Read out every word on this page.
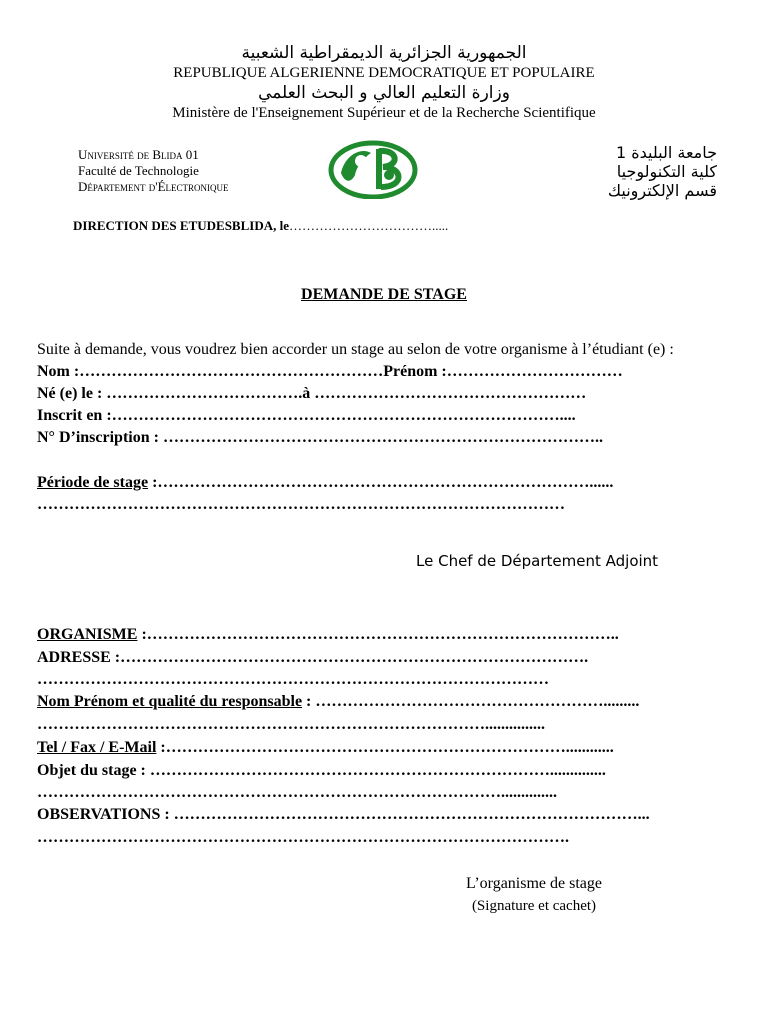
الجمهورية الجزائرية الديمقراطية الشعبية
REPUBLIQUE ALGERIENNE DEMOCRATIQUE ET POPULAIRE
وزارة التعليم العالي و البحث العلمي
Ministère de l'Enseignement Supérieur et de la Recherche Scientifique
Université de Blida 01
Faculté de Technologie
Département d'Électronique
جامعة البليدة 1
كلية التكنولوجيا
قسم الإلكترونيك
DIRECTION DES ETUDESBLIDA, le…………………………….....
DEMANDE DE STAGE
Suite à demande, vous voudrez bien accorder un stage au selon de votre organisme à l’étudiant (e) :
Nom :…………………………………………………Prénom :……………………………
Né (e) le : ……………………………….à ……………………………………………
Inscrit en :…………………………………………………………………………....
N° D’inscription : ………………………………………………………………………..
Période de stage :………………………………………………………………………......
………………………………………………………………………………………
Le Chef de Département Adjoint
ORGANISME :……………………………………………………………………………..
ADRESSE :…………………………………………………………………………….
……………………………………………………………………………………
Nom Prénom et qualité du responsable : ……………………………………………….........
…………………………………………………………………………...............
Tel / Fax / E-Mail :…………………………………………………………………............
Objet du stage : …………………………………………………………………..............
……………………………………………………………………………..............
OBSERVATIONS : ……………………………………………………………………………...
……………………………………………………………………………………….
L’organisme de stage
(Signature et cachet)
